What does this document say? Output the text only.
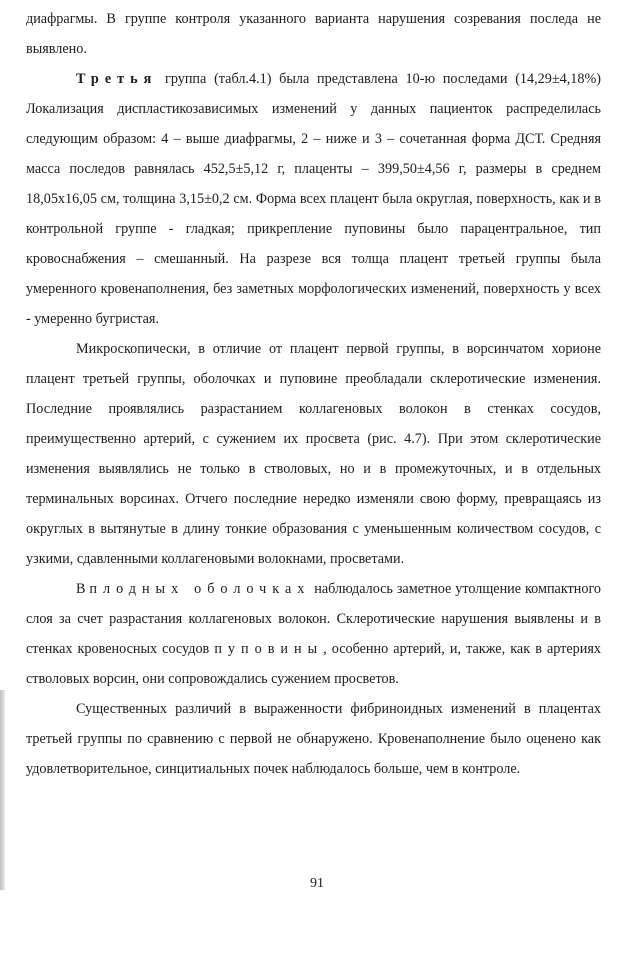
диафрагмы. В группе контроля указанного варианта нарушения созревания последа не выявлено.

Третья группа (табл.4.1) была представлена 10-ю последами (14,29±4,18%) Локализация диспластикозависимых изменений у данных пациенток распределилась следующим образом: 4 – выше диафрагмы, 2 – ниже и 3 – сочетанная форма ДСТ. Средняя масса последов равнялась 452,5±5,12 г, плаценты – 399,50±4,56 г, размеры в среднем 18,05х16,05 см, толщина 3,15±0,2 см. Форма всех плацент была округлая, поверхность, как и в контрольной группе - гладкая; прикрепление пуповины было парацентральное, тип кровоснабжения – смешанный. На разрезе вся толща плацент третьей группы была умеренного кровенаполнения, без заметных морфологических изменений, поверхность у всех - умеренно бугристая.

Микроскопически, в отличие от плацент первой группы, в ворсинчатом хорионе плацент третьей группы, оболочках и пуповине преобладали склеротические изменения. Последние проявлялись разрастанием коллагеновых волокон в стенках сосудов, преимущественно артерий, с сужением их просвета (рис. 4.7). При этом склеротические изменения выявлялись не только в стволовых, но и в промежуточных, и в отдельных терминальных ворсинах. Отчего последние нередко изменяли свою форму, превращаясь из округлых в вытянутые в длину тонкие образования с уменьшенным количеством сосудов, с узкими, сдавленными коллагеновыми волокнами, просветами.

В плодных оболочках наблюдалось заметное утолщение компактного слоя за счет разрастания коллагеновых волокон. Склеротические нарушения выявлены и в стенках кровеносных сосудов пуповины, особенно артерий, и, также, как в артериях стволовых ворсин, они сопровождались сужением просветов.

Существенных различий в выраженности фибриноидных изменений в плацентах третьей группы по сравнению с первой не обнаружено. Кровенаполнение было оценено как удовлетворительное, синцитиальных почек наблюдалось больше, чем в контроле.

91
